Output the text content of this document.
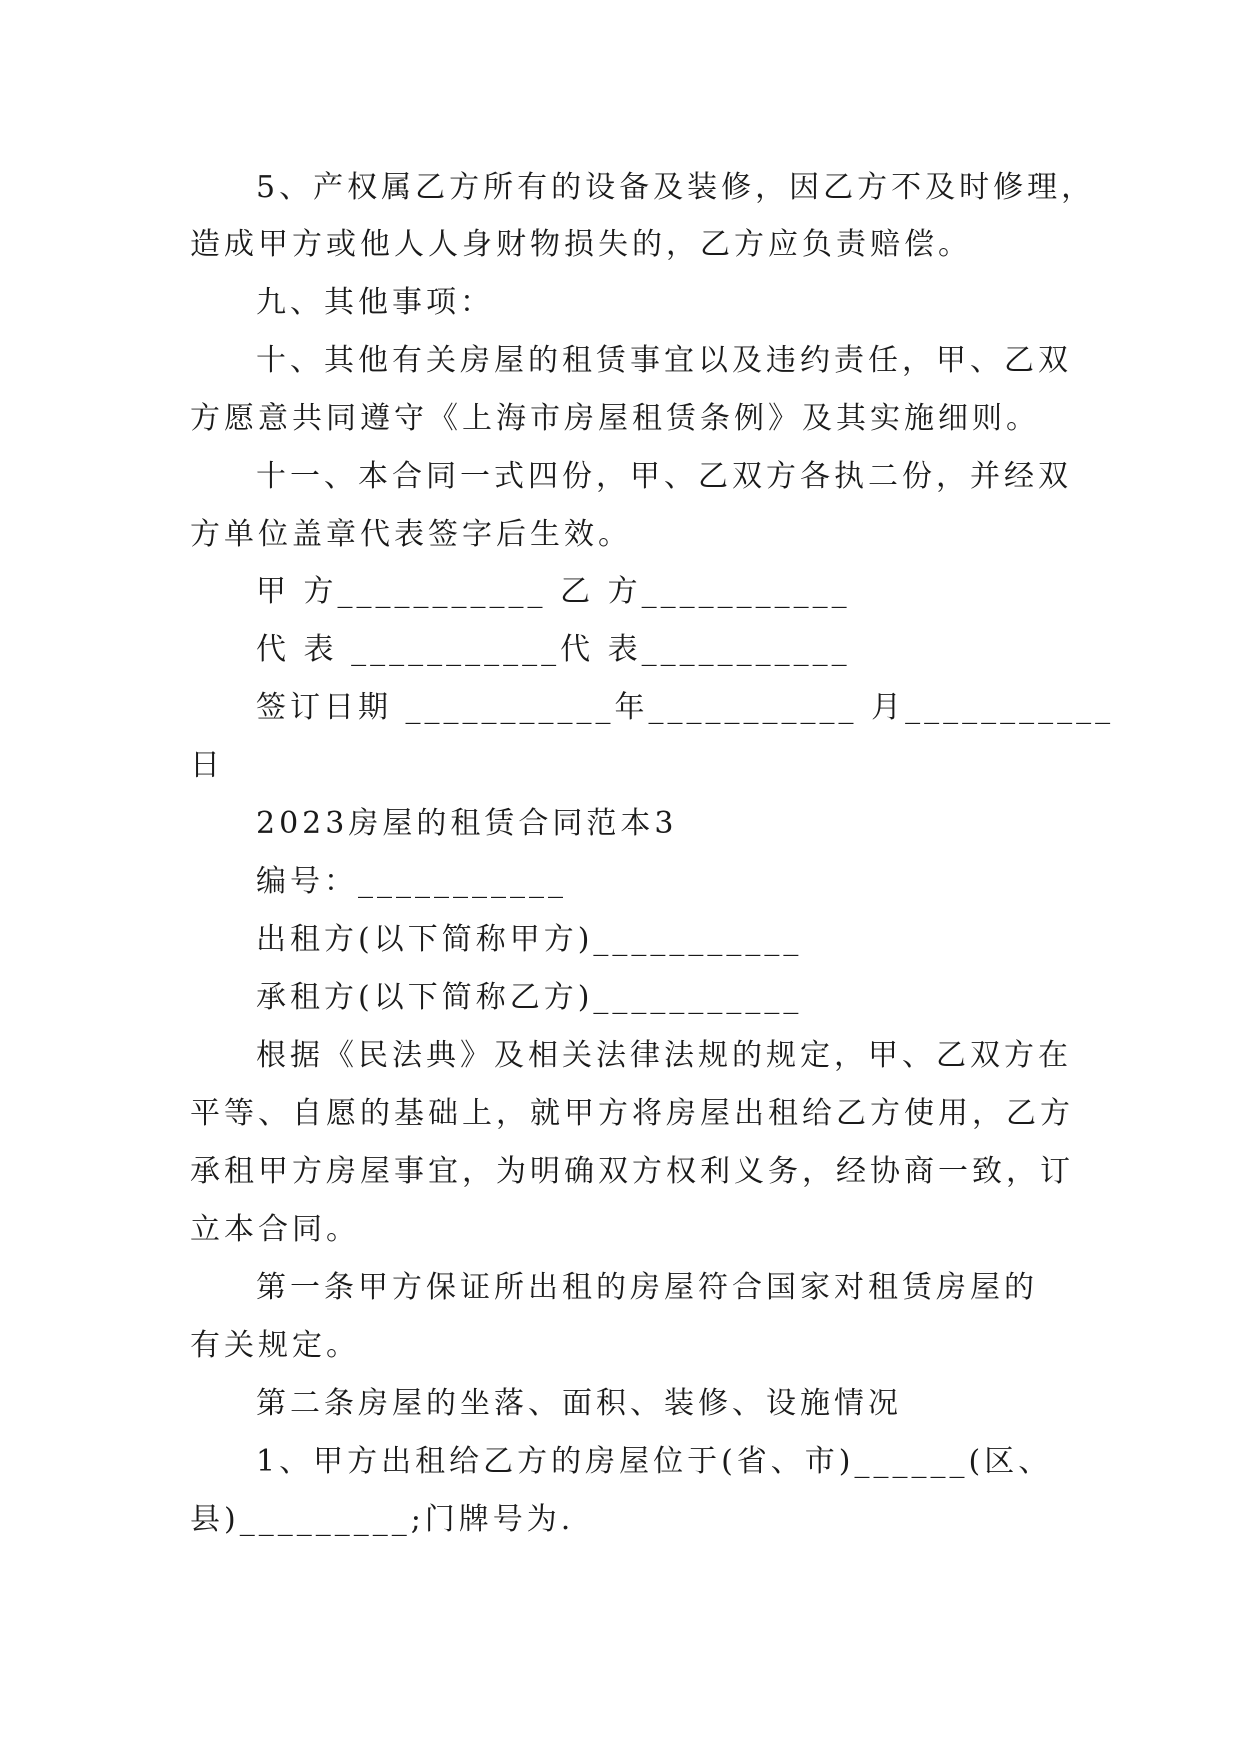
5、产权属乙方所有的设备及装修，因乙方不及时修理，
造成甲方或他人人身财物损失的，乙方应负责赔偿。
九、其他事项：
十、其他有关房屋的租赁事宜以及违约责任，甲、乙双
方愿意共同遵守《上海市房屋租赁条例》及其实施细则。
十一、本合同一式四份，甲、乙双方各执二份，并经双
方单位盖章代表签字后生效。
甲 方___________ 乙 方___________
代 表 ___________代 表___________
签订日期 ___________年___________ 月___________
日
2023房屋的租赁合同范本3
编号：___________
出租方(以下简称甲方)___________
承租方(以下简称乙方)___________
根据《民法典》及相关法律法规的规定，甲、乙双方在
平等、自愿的基础上，就甲方将房屋出租给乙方使用，乙方
承租甲方房屋事宜，为明确双方权利义务，经协商一致，订
立本合同。
第一条甲方保证所出租的房屋符合国家对租赁房屋的
有关规定。
第二条房屋的坐落、面积、装修、设施情况
1、甲方出租给乙方的房屋位于(省、市)______(区、
县)_________;门牌号为.
